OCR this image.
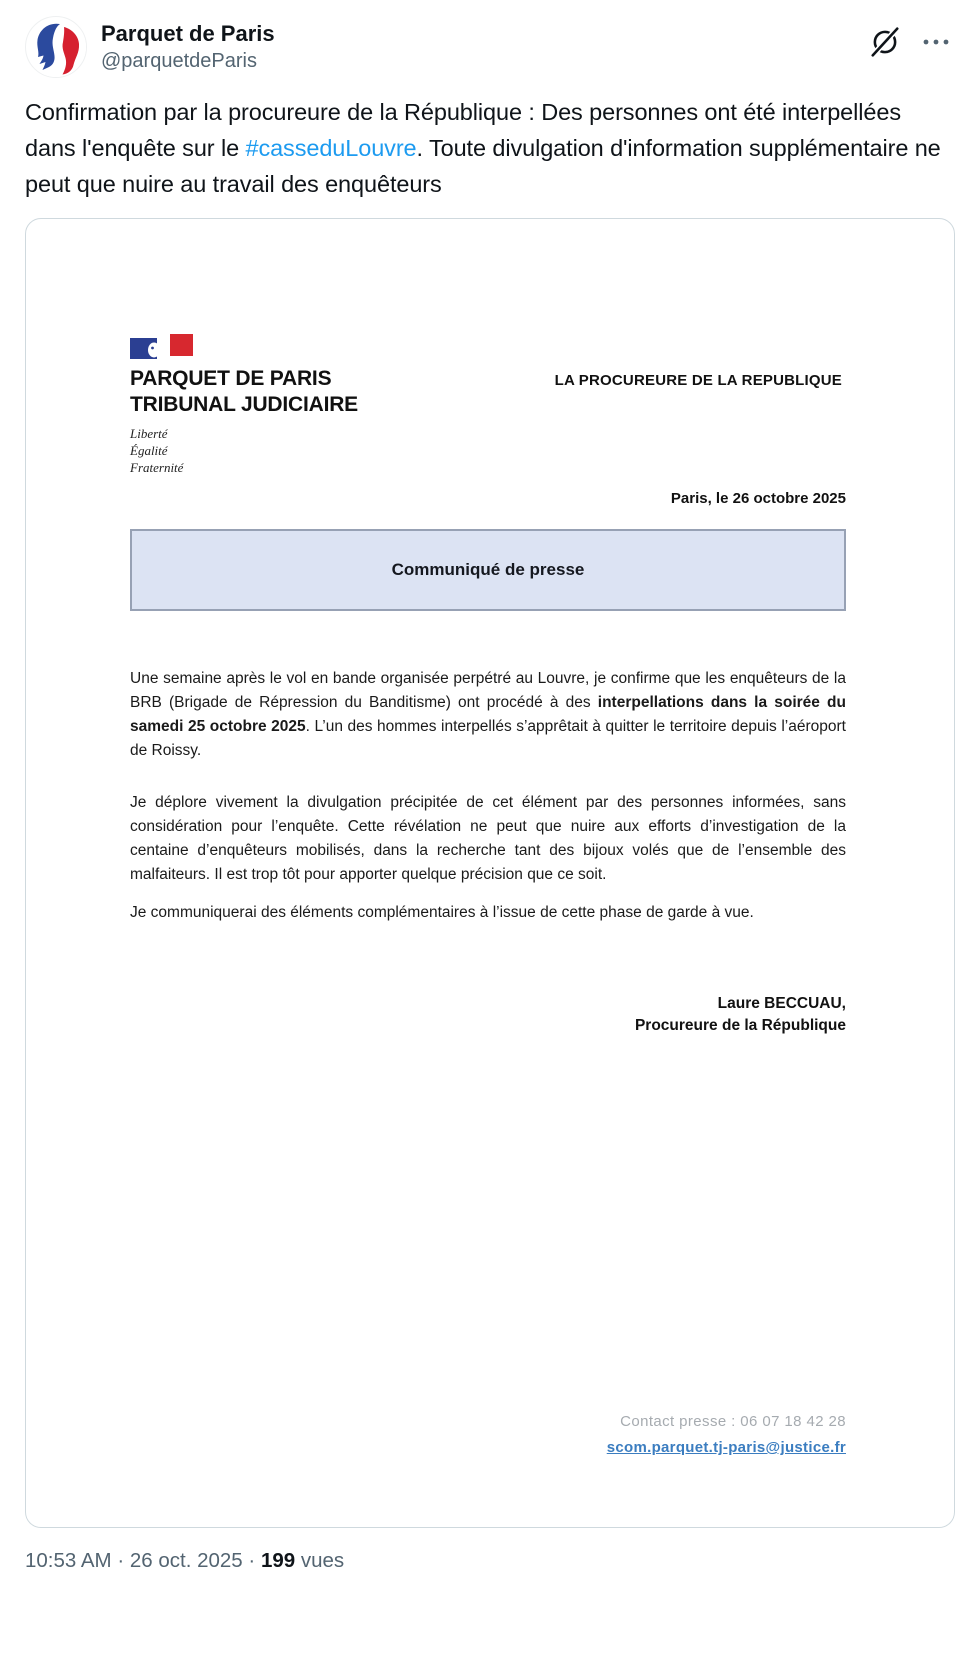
Parquet de Paris
@parquetdeParis
Confirmation par la procureure de la République : Des personnes ont été interpellées dans l'enquête sur le #casseduLouvre. Toute divulgation d'information supplémentaire ne peut que nuire au travail des enquêteurs
LA PROCUREURE DE LA REPUBLIQUE
PARQUET DE PARIS
TRIBUNAL JUDICIAIRE
Liberté
Égalité
Fraternité
Paris, le 26 octobre 2025
Communiqué de presse

Une semaine après le vol en bande organisée perpétré au Louvre, je confirme que les enquêteurs de la BRB (Brigade de Répression du Banditisme) ont procédé à des interpellations dans la soirée du samedi 25 octobre 2025. L’un des hommes interpellés s’apprêtait à quitter le territoire depuis l’aéroport de Roissy.

Je déplore vivement la divulgation précipitée de cet élément par des personnes informées, sans considération pour l’enquête. Cette révélation ne peut que nuire aux efforts d’investigation de la centaine d’enquêteurs mobilisés, dans la recherche tant des bijoux volés que de l’ensemble des malfaiteurs. Il est trop tôt pour apporter quelque précision que ce soit.

Je communiquerai des éléments complémentaires à l’issue de cette phase de garde à vue.

Laure BECCUAU,
Procureure de la République
Contact presse : 06 07 18 42 28
scom.parquet.tj-paris@justice.fr
10:53 AM · 26 oct. 2025 · 199 vues
